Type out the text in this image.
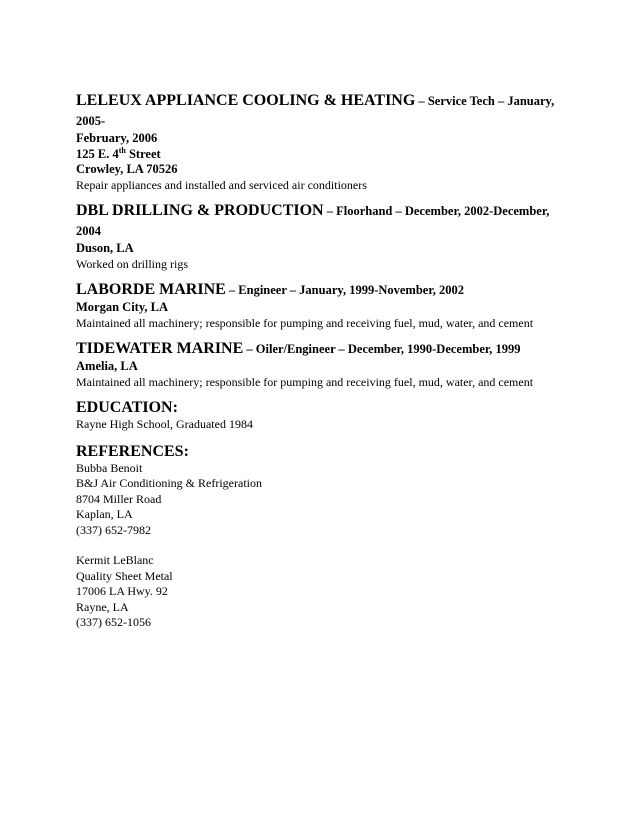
LELEUX APPLIANCE COOLING & HEATING – Service Tech – January, 2005-

February, 2006

125 E. 4th Street

Crowley, LA 70526

Repair appliances and installed and serviced air conditioners

DBL DRILLING & PRODUCTION – Floorhand – December, 2002-December, 2004

Duson, LA

Worked on drilling rigs

LABORDE MARINE – Engineer – January, 1999-November, 2002

Morgan City, LA

Maintained all machinery; responsible for pumping and receiving fuel, mud, water, and cement

TIDEWATER MARINE – Oiler/Engineer – December, 1990-December, 1999

Amelia, LA

Maintained all machinery; responsible for pumping and receiving fuel, mud, water, and cement

EDUCATION:

Rayne High School, Graduated 1984

REFERENCES:

Bubba Benoit

B&J Air Conditioning & Refrigeration

8704 Miller Road

Kaplan, LA

(337) 652-7982

Kermit LeBlanc

Quality Sheet Metal

17006 LA Hwy. 92

Rayne, LA

(337) 652-1056
